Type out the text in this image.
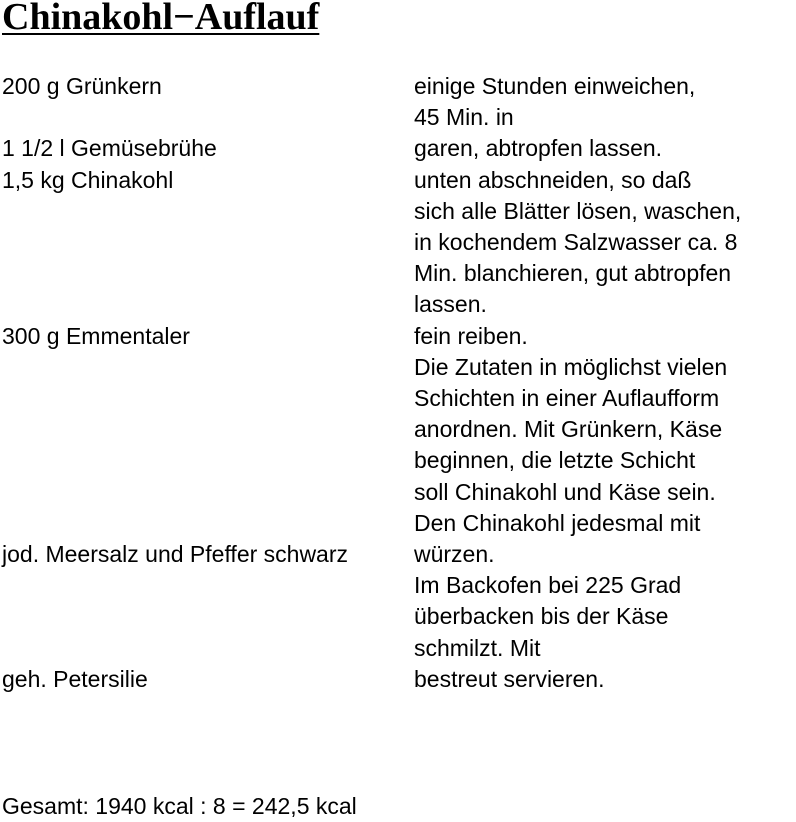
Chinakohl−Auflauf
200 g Grünkern	einige Stunden einweichen,
45 Min. in
1 1/2 l Gemüsebrühe	garen, abtropfen lassen.
1,5 kg Chinakohl	unten abschneiden, so daß
sich alle Blätter lösen, waschen,
in kochendem Salzwasser ca. 8
Min. blanchieren, gut abtropfen
lassen.
300 g Emmentaler	fein reiben.
Die Zutaten in möglichst vielen
Schichten in einer Auflaufform
anordnen. Mit Grünkern, Käse
beginnen, die letzte Schicht
soll Chinakohl und Käse sein.
Den Chinakohl jedesmal mit
jod. Meersalz und Pfeffer schwarz	würzen.
Im Backofen bei 225 Grad
überbacken bis der Käse
schmilzt. Mit
geh. Petersilie	bestreut servieren.
Gesamt: 1940 kcal : 8 = 242,5 kcal
